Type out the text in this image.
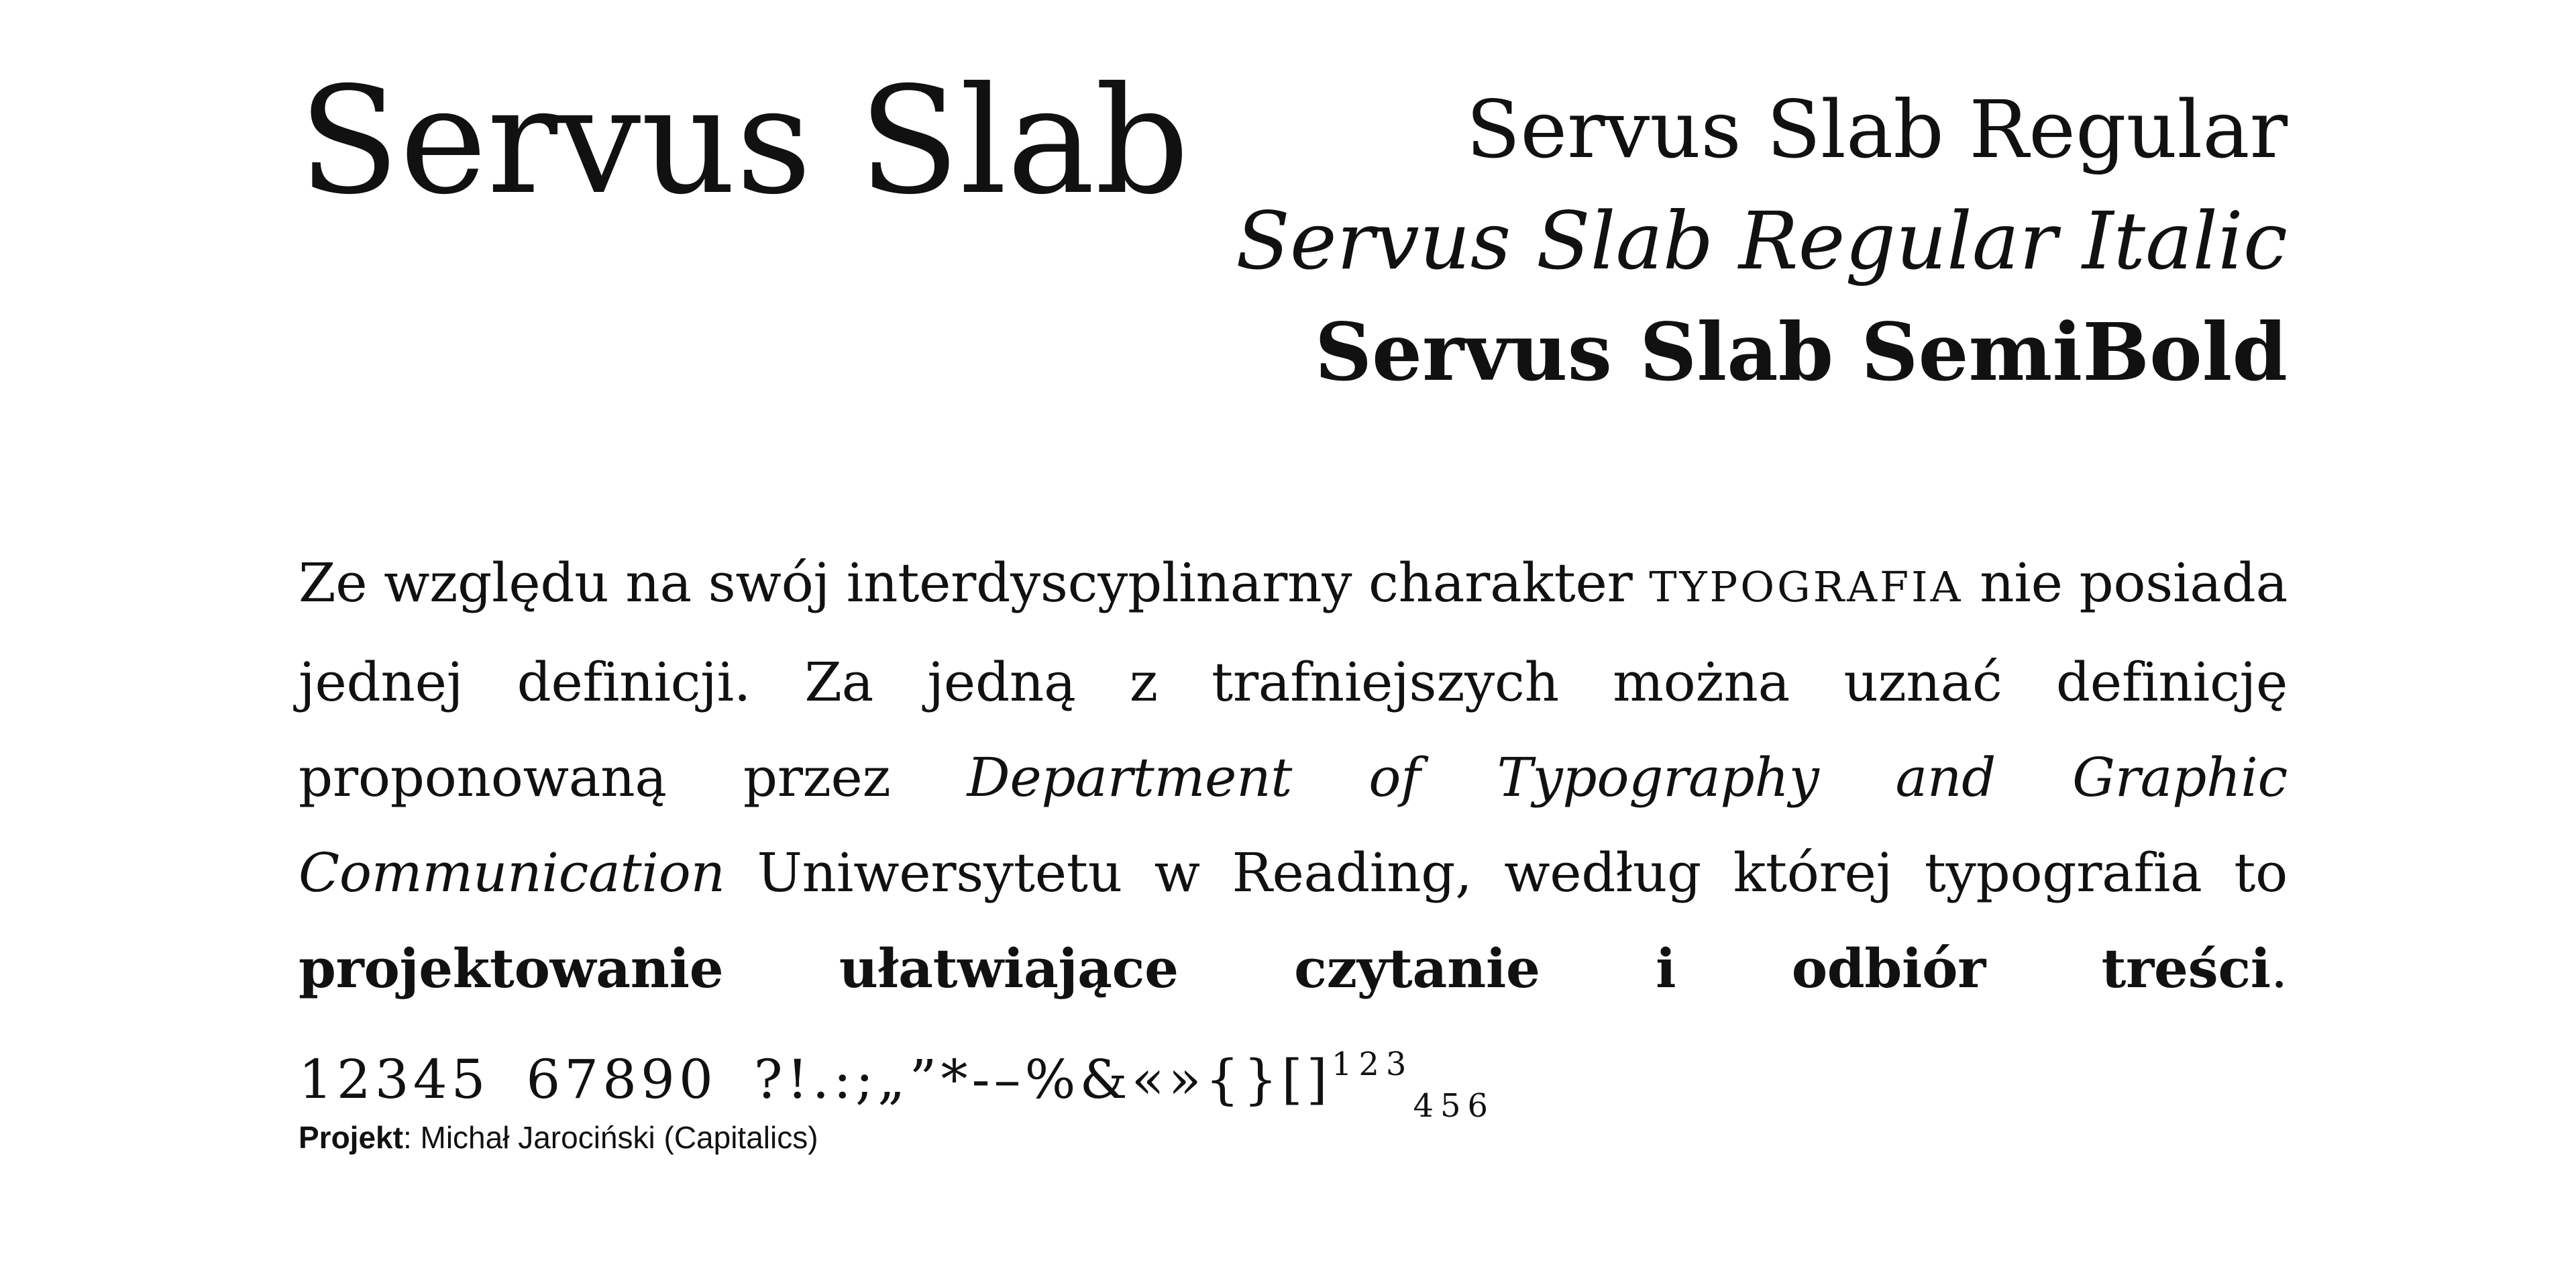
Servus Slab	Servus Slab Regular
Servus Slab Regular Italic
Servus Slab SemiBold

Ze względu na swój interdyscyplinarny charakter TYPOGRAFIA nie posiada jednej definicji. Za jedną z trafniejszych można uznać definicję proponowaną przez Department of Typography and Graphic Communication Uniwersytetu w Reading, według której typografia to projektowanie ułatwiające czytanie i odbiór treści. 12345 67890 ?!.:;„”*-–%&«»{}[]$^{123}_{456}$

Projekt: Michał Jarociński (Capitalics)
